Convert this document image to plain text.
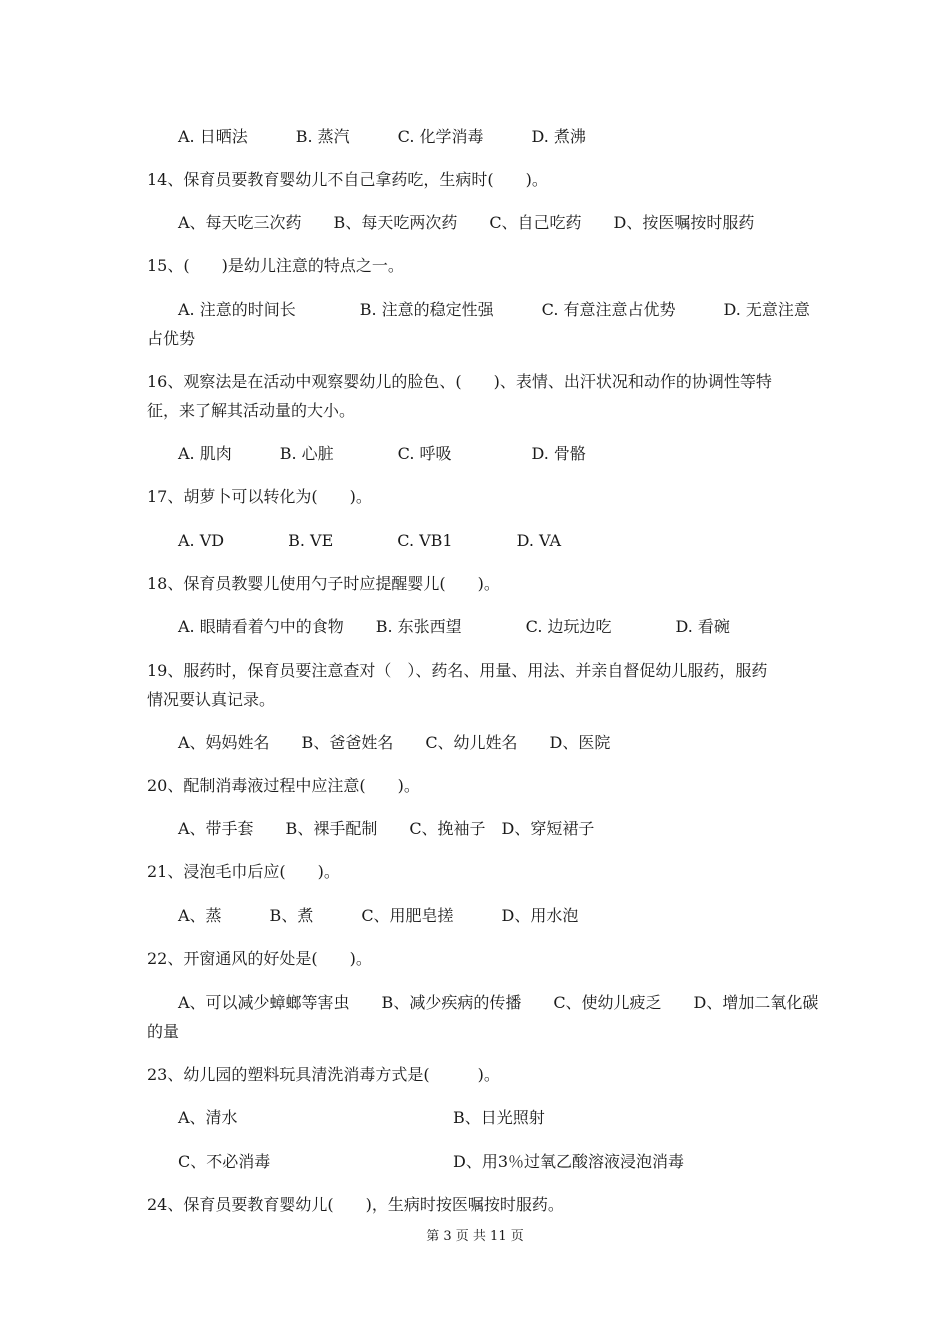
A. 日晒法　　　B. 蒸汽　　　C. 化学消毒　　　D. 煮沸
14、保育员要教育婴幼儿不自己拿药吃，生病时(　　)。
A、每天吃三次药　　B、每天吃两次药　　C、自己吃药　　D、按医嘱按时服药
15、(　　)是幼儿注意的特点之一。
A. 注意的时间长　　　　B. 注意的稳定性强　　　C. 有意注意占优势　　　D. 无意注意
占优势
16、观察法是在活动中观察婴幼儿的脸色、(　　)、表情、出汗状况和动作的协调性等特
征，来了解其活动量的大小。
A. 肌肉　　　B. 心脏　　　　C. 呼吸　　　　　D. 骨骼
17、胡萝卜可以转化为(　　)。
A. VD　　　　B. VE　　　　C. VB1　　　　D. VA
18、保育员教婴儿使用勺子时应提醒婴儿(　　)。
A. 眼睛看着勺中的食物　　B. 东张西望　　　　C. 边玩边吃　　　　D. 看碗
19、服药时，保育员要注意查对（　）、药名、用量、用法、并亲自督促幼儿服药，服药
情况要认真记录。
A、妈妈姓名　　B、爸爸姓名　　C、幼儿姓名　　D、医院
20、配制消毒液过程中应注意(　　)。
A、带手套　　B、裸手配制　　C、挽袖子　D、穿短裙子
21、浸泡毛巾后应(　　)。
A、蒸　　　B、煮　　　C、用肥皂搓　　　D、用水泡
22、开窗通风的好处是(　　)。
A、可以减少蟑螂等害虫　　B、减少疾病的传播　　C、使幼儿疲乏　　D、增加二氧化碳
的量
23、幼儿园的塑料玩具清洗消毒方式是(　　　)。
A、清水	B、日光照射
C、不必消毒	D、用3％过氧乙酸溶液浸泡消毒
24、保育员要教育婴幼儿(　　)，生病时按医嘱按时服药。
第 3 页 共 11 页
